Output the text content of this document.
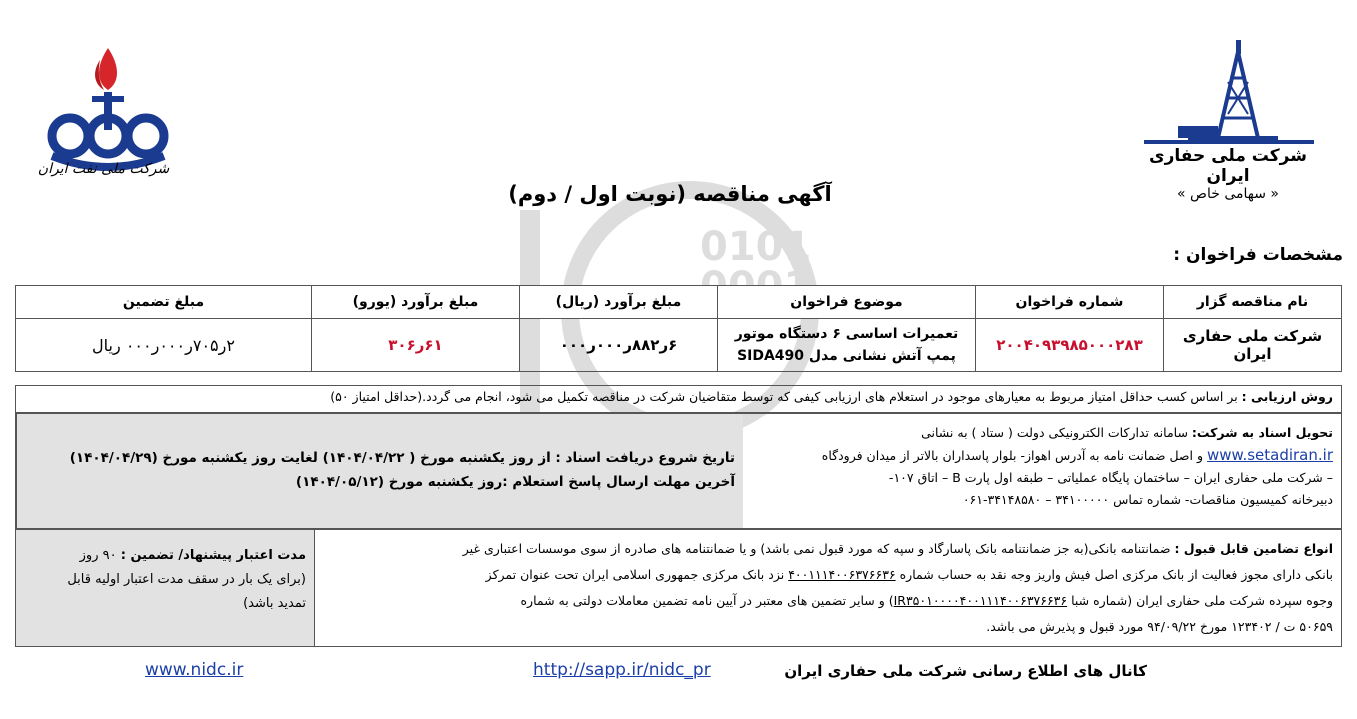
شرکت ملی نفت ایران
شرکت ملی حفاری ایران
« سهامی خاص »
0101
آگهی مناقصه (نوبت اول / دوم)
مشخصات فراخوان :
نام مناقصه گزار	شماره فراخوان	موضوع فراخوان	مبلغ برآورد (ریال)	مبلغ برآورد (یورو)	مبلغ تضمین
شرکت ملی حفاری ایران	۲۰۰۴۰۹۳۹۸۵۰۰۰۲۸۳	تعمیرات اساسی ۶ دستگاه موتور
پمپ آتش نشانی مدل SIDA490	۶ر۸۸۲ر۰۰۰ر۰۰۰	۶۱ر۳۰۶	۲ر۷۰۵ر۰۰۰ر۰۰۰ ریال
روش ارزیابی : بر اساس کسب حداقل امتیاز مربوط به معیارهای موجود در استعلام های ارزیابی کیفی که توسط متقاضیان شرکت در مناقصه تکمیل می شود، انجام می گردد.(حداقل امتیاز ۵۰)
تحویل اسناد به شرکت: سامانه تدارکات الکترونیکی دولت ( ستاد ) به نشانی
www.setadiran.ir و اصل ضمانت نامه به آدرس اهواز- بلوار پاسداران بالاتر از میدان فرودگاه
– شرکت ملی حفاری ایران – ساختمان پایگاه عملیاتی – طبقه اول پارت B – اتاق ۱۰۷-
دبیرخانه کمیسیون مناقصات- شماره تماس ۳۴۱۰۰۰۰۰ – ۳۴۱۴۸۵۸۰-۰۶۱
تاریخ شروع دریافت اسناد : از روز یکشنبه مورخ ( ۱۴۰۴/۰۴/۲۲) لغایت روز یکشنبه مورخ (۱۴۰۴/۰۴/۲۹)
آخرین مهلت ارسال پاسخ استعلام :روز یکشنبه مورخ (۱۴۰۴/۰۵/۱۲)
انواع تضامین قابل قبول : ضمانتنامه بانکی(به جز ضمانتنامه بانک پاسارگاد و سپه که مورد قبول نمی باشد) و یا ضمانتنامه های صادره از سوی موسسات اعتباری غیر
بانکی دارای مجوز فعالیت از بانک مرکزی اصل فیش واریز وجه نقد به حساب شماره ۴۰۰۱۱۱۴۰۰۶۳۷۶۶۳۶ نزد بانک مرکزی جمهوری اسلامی ایران تحت عنوان تمرکز
وجوه سپرده شرکت ملی حفاری ایران (شماره شبا IR۳۵۰۱۰۰۰۰۴۰۰۱۱۱۴۰۰۶۳۷۶۶۳۶) و سایر تضمین های معتبر در آیین نامه تضمین معاملات دولتی به شماره
۵۰۶۵۹ ت / ۱۲۳۴۰۲ مورخ ۹۴/۰۹/۲۲ مورد قبول و پذیرش می باشد.
مدت اعتبار پیشنهاد/ تضمین : ۹۰ روز
(برای یک بار در سقف مدت اعتبار اولیه قابل
تمدید باشد)
کانال های اطلاع رسانی شرکت ملی حفاری ایران
http://sapp.ir/nidc_pr
www.nidc.ir
